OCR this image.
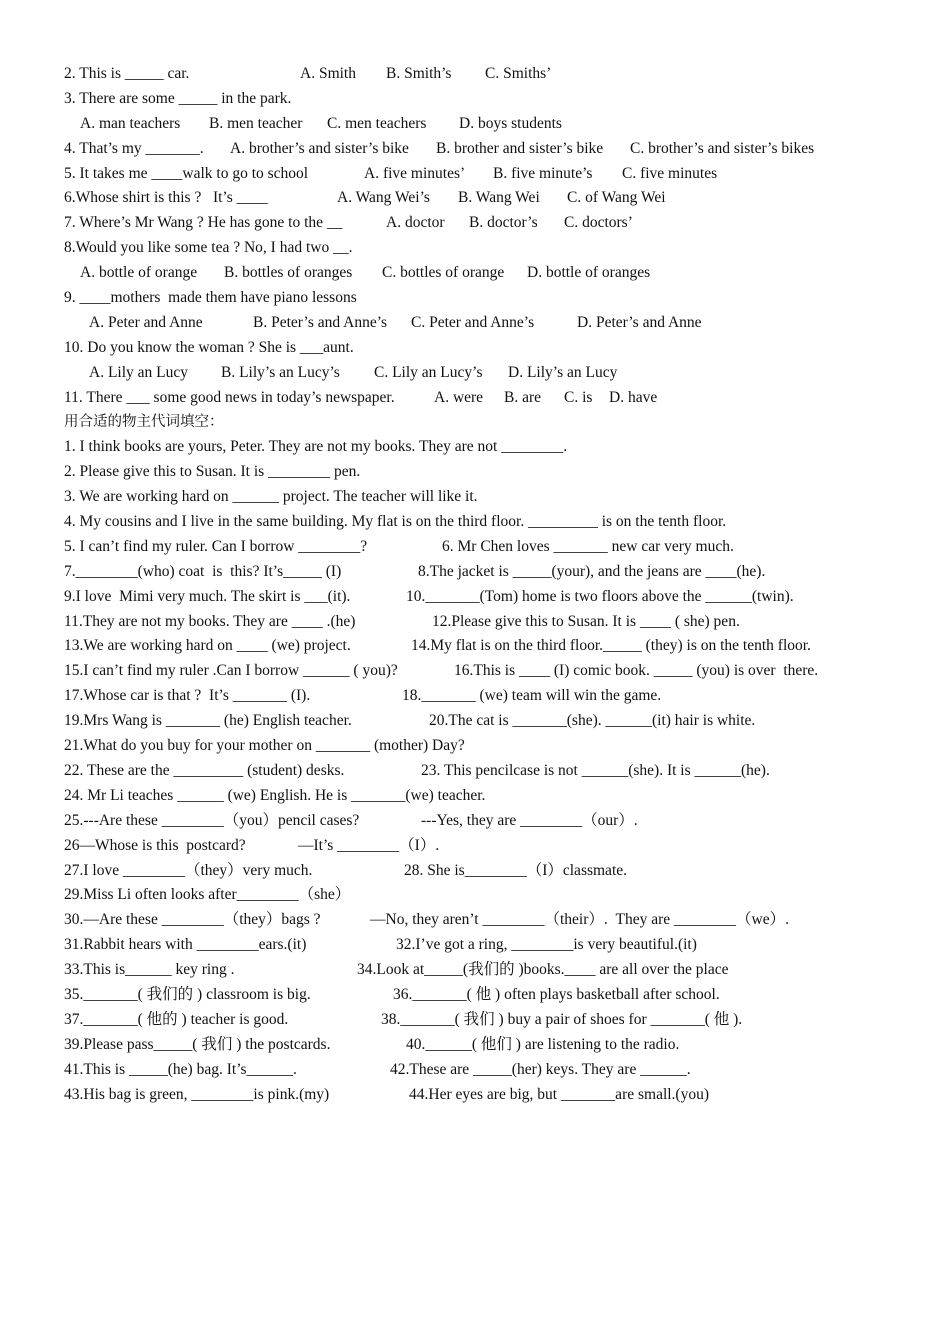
2. This is _____ car.	A. Smith B. Smith’s C. Smiths’
3. There are some _____ in the park.
A. man teachers B. men teacher C. men teachers D. boys students
4. That’s my _______. A. brother’s and sister’s bike B. brother and sister’s bike C. brother’s and sister’s bikes
5. It takes me ____walk to go to school	A. five minutes’ B. five minute’s C. five minutes
6.Whose shirt is this ?   It’s ____	A. Wang Wei’s B. Wang Wei C. of Wang Wei
7. Where’s Mr Wang ? He has gone to the __	A. doctor B. doctor’s C. doctors’
8.Would you like some tea ? No, I had two __.
A. bottle of orange B. bottles of oranges C. bottles of orange D. bottle of oranges
9. ____mothers  made them have piano lessons
A. Peter and Anne	B. Peter’s and Anne’s C. Peter and Anne’s	D. Peter’s and Anne
10. Do you know the woman ? She is ___aunt.
A. Lily an Lucy B. Lily’s an Lucy’s C. Lily an Lucy’s D. Lily’s an Lucy
11. There ___ some good news in today’s newspaper.	A. were B. are C. is D. have
用合适的物主代词填空：
1. I think books are yours, Peter. They are not my books. They are not ________.
2. Please give this to Susan. It is ________ pen.
3. We are working hard on ______ project. The teacher will like it.
4. My cousins and I live in the same building. My flat is on the third floor. _________ is on the tenth floor.
5. I can’t find my ruler. Can I borrow ________?	6. Mr Chen loves _______ new car very much.
7.________(who) coat  is  this? It’s_____ (I)	8.The jacket is _____(your), and the jeans are ____(he).
9.I love  Mimi very much. The skirt is ___(it).	10._______(Tom) home is two floors above the ______(twin).
11.They are not my books. They are ____ .(he)	12.Please give this to Susan. It is ____ ( she) pen.
13.We are working hard on ____ (we) project.	14.My flat is on the third floor._____ (they) is on the tenth floor.
15.I can’t find my ruler .Can I borrow ______ ( you)?	16.This is ____ (I) comic book. _____ (you) is over  there.
17.Whose car is that ?  It’s _______ (I).	18._______ (we) team will win the game.
19.Mrs Wang is _______ (he) English teacher.	20.The cat is _______(she). ______(it) hair is white.
21.What do you buy for your mother on _______ (mother) Day?
22. These are the _________ (student) desks.	23. This pencilcase is not ______(she). It is ______(he).
24. Mr Li teaches ______ (we) English. He is _______(we) teacher.
25.---Are these ________（you）pencil cases?	---Yes, they are ________（our）.
26—Whose is this  postcard?	—It’s ________（I）.
27.I love ________（they）very much.	28. She is________（I）classmate.
29.Miss Li often looks after________（she）
30.—Are these ________（they）bags ?	—No, they aren’t ________（their）.  They are ________（we）.
31.Rabbit hears with ________ears.(it)	32.I’ve got a ring, ________is very beautiful.(it)
33.This is______ key ring .	34.Look at_____(我们的 )books.____ are all over the place
35._______( 我们的 ) classroom is big.	36._______( 他 ) often plays basketball after school.
37._______( 他的 ) teacher is good.	38._______( 我们 ) buy a pair of shoes for _______( 他 ).
39.Please pass_____( 我们 ) the postcards.	40.______( 他们 ) are listening to the radio.
41.This is _____(he) bag. It’s______.	42.These are _____(her) keys. They are ______.
43.His bag is green, ________is pink.(my)	44.Her eyes are big, but _______are small.(you)
